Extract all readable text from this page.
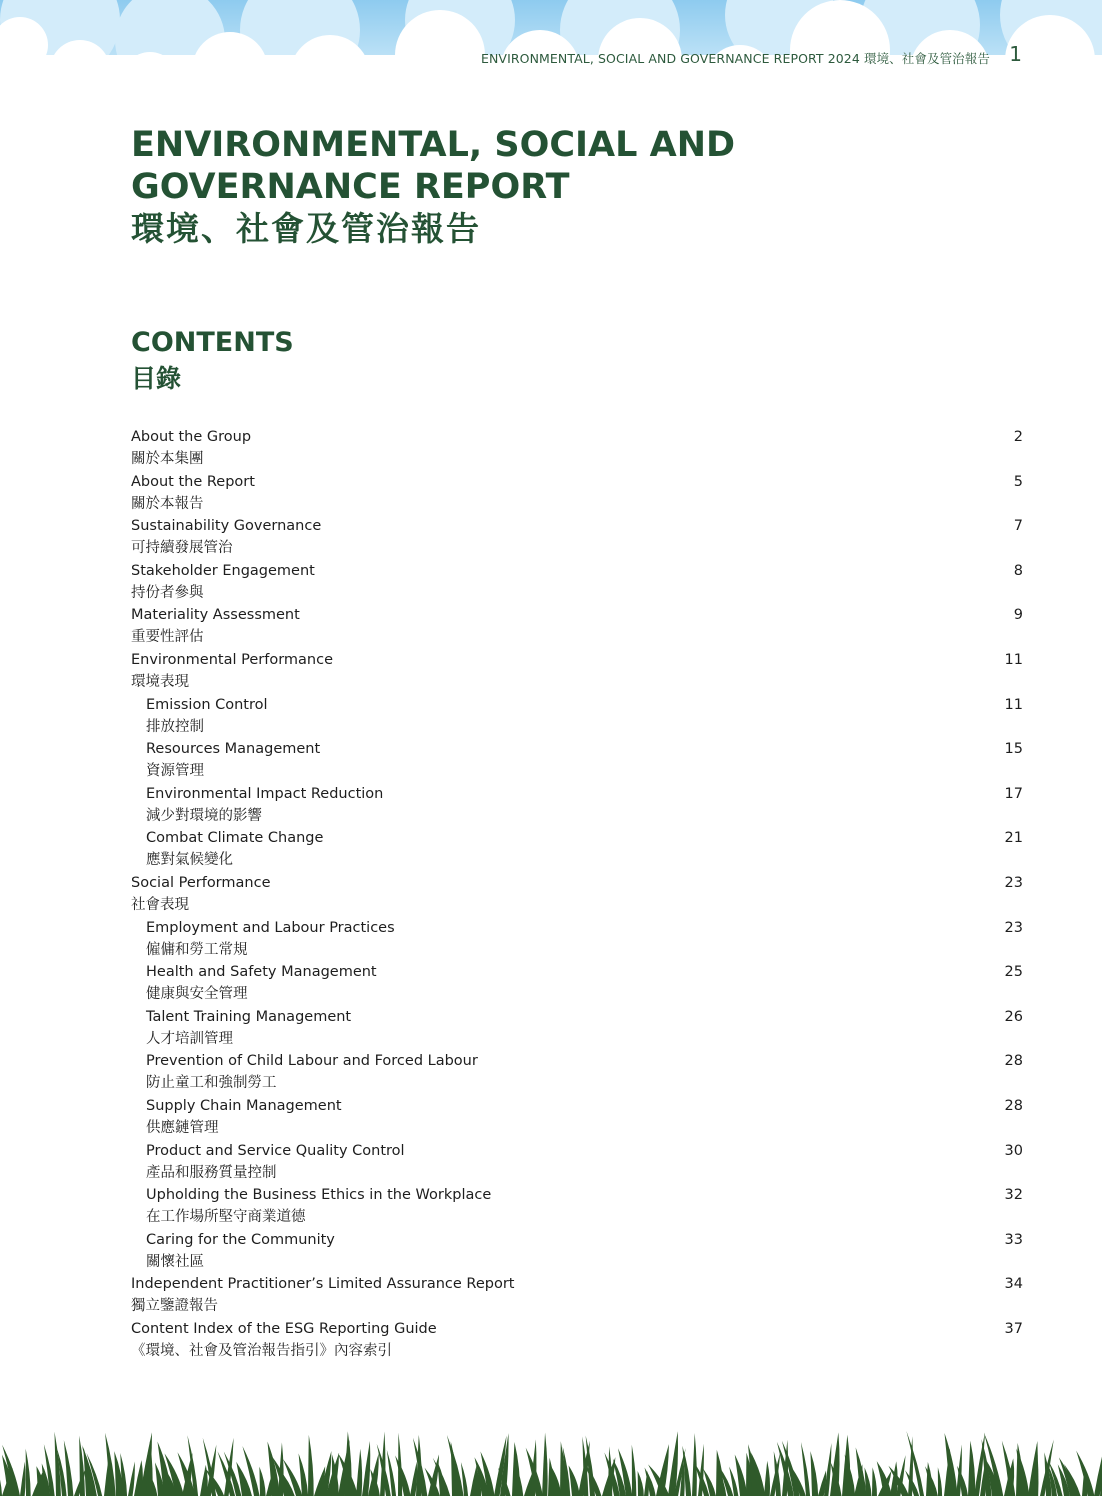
ENVIRONMENTAL, SOCIAL AND GOVERNANCE REPORT 2024 環境、社會及管治報告 1
ENVIRONMENTAL, SOCIAL AND
GOVERNANCE REPORT
環境、社會及管治報告
CONTENTS
目錄
About the Group
關於本集團
2
About the Report
關於本報告
5
Sustainability Governance
可持續發展管治
7
Stakeholder Engagement
持份者參與
8
Materiality Assessment
重要性評估
9
Environmental Performance
環境表現
11
Emission Control
排放控制
11
Resources Management
資源管理
15
Environmental Impact Reduction
減少對環境的影響
17
Combat Climate Change
應對氣候變化
21
Social Performance
社會表現
23
Employment and Labour Practices
僱傭和勞工常規
23
Health and Safety Management
健康與安全管理
25
Talent Training Management
人才培訓管理
26
Prevention of Child Labour and Forced Labour
防止童工和強制勞工
28
Supply Chain Management
供應鏈管理
28
Product and Service Quality Control
產品和服務質量控制
30
Upholding the Business Ethics in the Workplace
在工作場所堅守商業道德
32
Caring for the Community
關懷社區
33
Independent Practitioner’s Limited Assurance Report
獨立鑒證報告
34
Content Index of the ESG Reporting Guide
《環境、社會及管治報告指引》內容索引
37
